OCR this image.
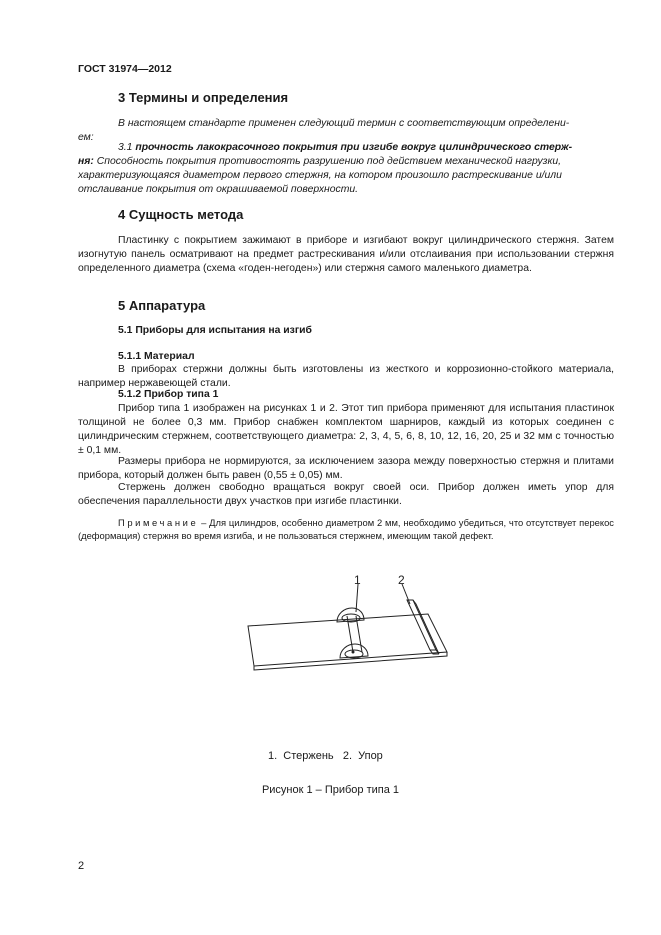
ГОСТ 31974—2012
3 Термины и определения
В настоящем стандарте применен следующий термин с соответствующим определени-
ем:
3.1 прочность лакокрасочного покрытия при изгибе вокруг цилиндрического стерж-
ня: Способность покрытия противостоять разрушению под действием механической нагрузки,
характеризующаяся диаметром первого стержня, на котором произошло растрескивание и/или
отслаивание покрытия от окрашиваемой поверхности.
4 Сущность метода
Пластинку с покрытием зажимают в приборе и изгибают вокруг цилиндрического стержня. Затем изогнутую панель осматривают на предмет растрескивания и/или отслаивания при использовании стержня определенного диаметра (схема «годен-негоден») или стержня самого маленького диаметра.
5 Аппаратура
5.1 Приборы для испытания на изгиб
5.1.1 Материал
В приборах стержни должны быть изготовлены из жесткого и коррозионно-стойкого материала, например нержавеющей стали.
5.1.2 Прибор типа 1
Прибор типа 1 изображен на рисунках 1 и 2. Этот тип прибора применяют для испытания пластинок толщиной не более 0,3 мм. Прибор снабжен комплектом шарниров, каждый из которых соединен с цилиндрическим стержнем, соответствующего диаметра: 2, 3, 4, 5, 6, 8, 10, 12, 16, 20, 25 и 32 мм с точностью ± 0,1 мм.
Размеры прибора не нормируются, за исключением зазора между поверхностью стержня и плитами прибора, который должен быть равен (0,55 ± 0,05) мм.
Стержень должен свободно вращаться вокруг своей оси. Прибор должен иметь упор для обеспечения параллельности двух участков при изгибе пластинки.
Примечание – Для цилиндров, особенно диаметром 2 мм, необходимо убедиться, что отсутствует перекос (деформация) стержня во время изгиба, и не пользоваться стержнем, имеющим такой дефект.
1	2
1.  Стержень   2.  Упор
Рисунок 1 – Прибор типа 1
2
